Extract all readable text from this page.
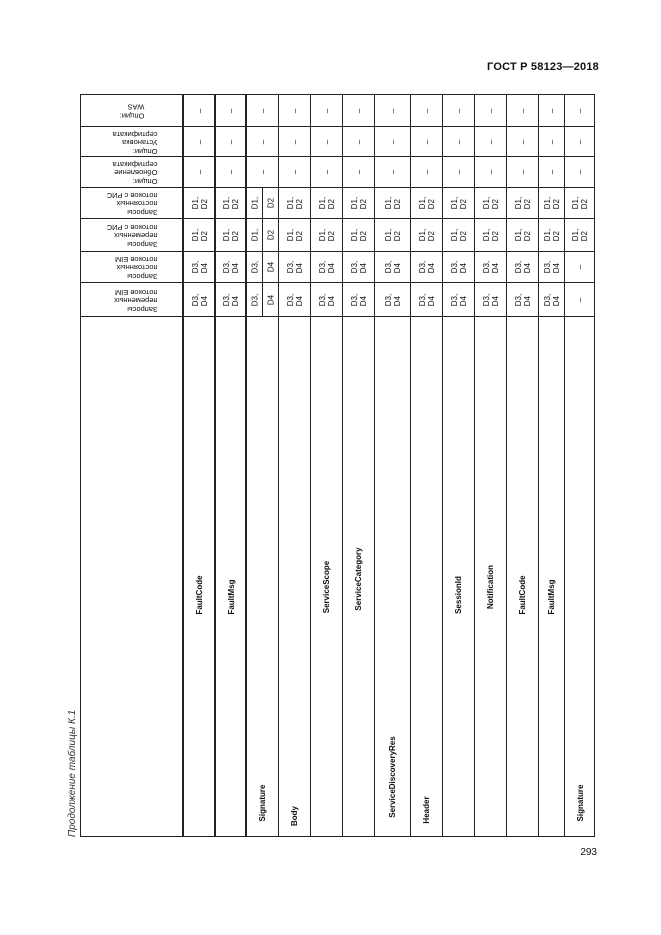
ГОСТ Р 58123—2018
Продолжение таблицы К.1
Опции:
WAS
Опции: Установка
сертификата
Опции: Обновление
сертификата
Запросы постоянных
потоков с РИС
Запросы переменных
потоков с РИС
Запросы постоянных
потоков ЕIM
Запросы переменных
потоков ЕIM
–
–
–
D1,
D2
D1,
D2
D3,
D4
D3,
D4
FaultCode
–
–
–
D1,
D2
D1,
D2
D3,
D4
D3,
D4
FaultMsg
–
–
–
D1, D2
D1, D2
D3, D4
D3, D4
Signature
–
–
–
D1,
D2
D1,
D2
D3,
D4
D3,
D4
Body
–
–
–
D1,
D2
D1,
D2
D3,
D4
D3,
D4
ServiceScope
–
–
–
D1,
D2
D1,
D2
D3,
D4
D3,
D4
ServiceCategory
–
–
–
D1,
D2
D1,
D2
D3,
D4
D3,
D4
ServiceDiscoveryRes
–
–
–
D1,
D2
D1,
D2
D3,
D4
D3,
D4
Header
–
–
–
D1,
D2
D1,
D2
D3,
D4
D3,
D4
SessionId
–
–
–
D1,
D2
D1,
D2
D3,
D4
D3,
D4
Notification
–
–
–
D1,
D2
D1,
D2
D3,
D4
D3,
D4
FaultCode
–
–
–
D1,
D2
D1,
D2
D3,
D4
D3,
D4
FaultMsg
–
–
–
D1,
D2
D1,
D2
–
–
Signature
293
